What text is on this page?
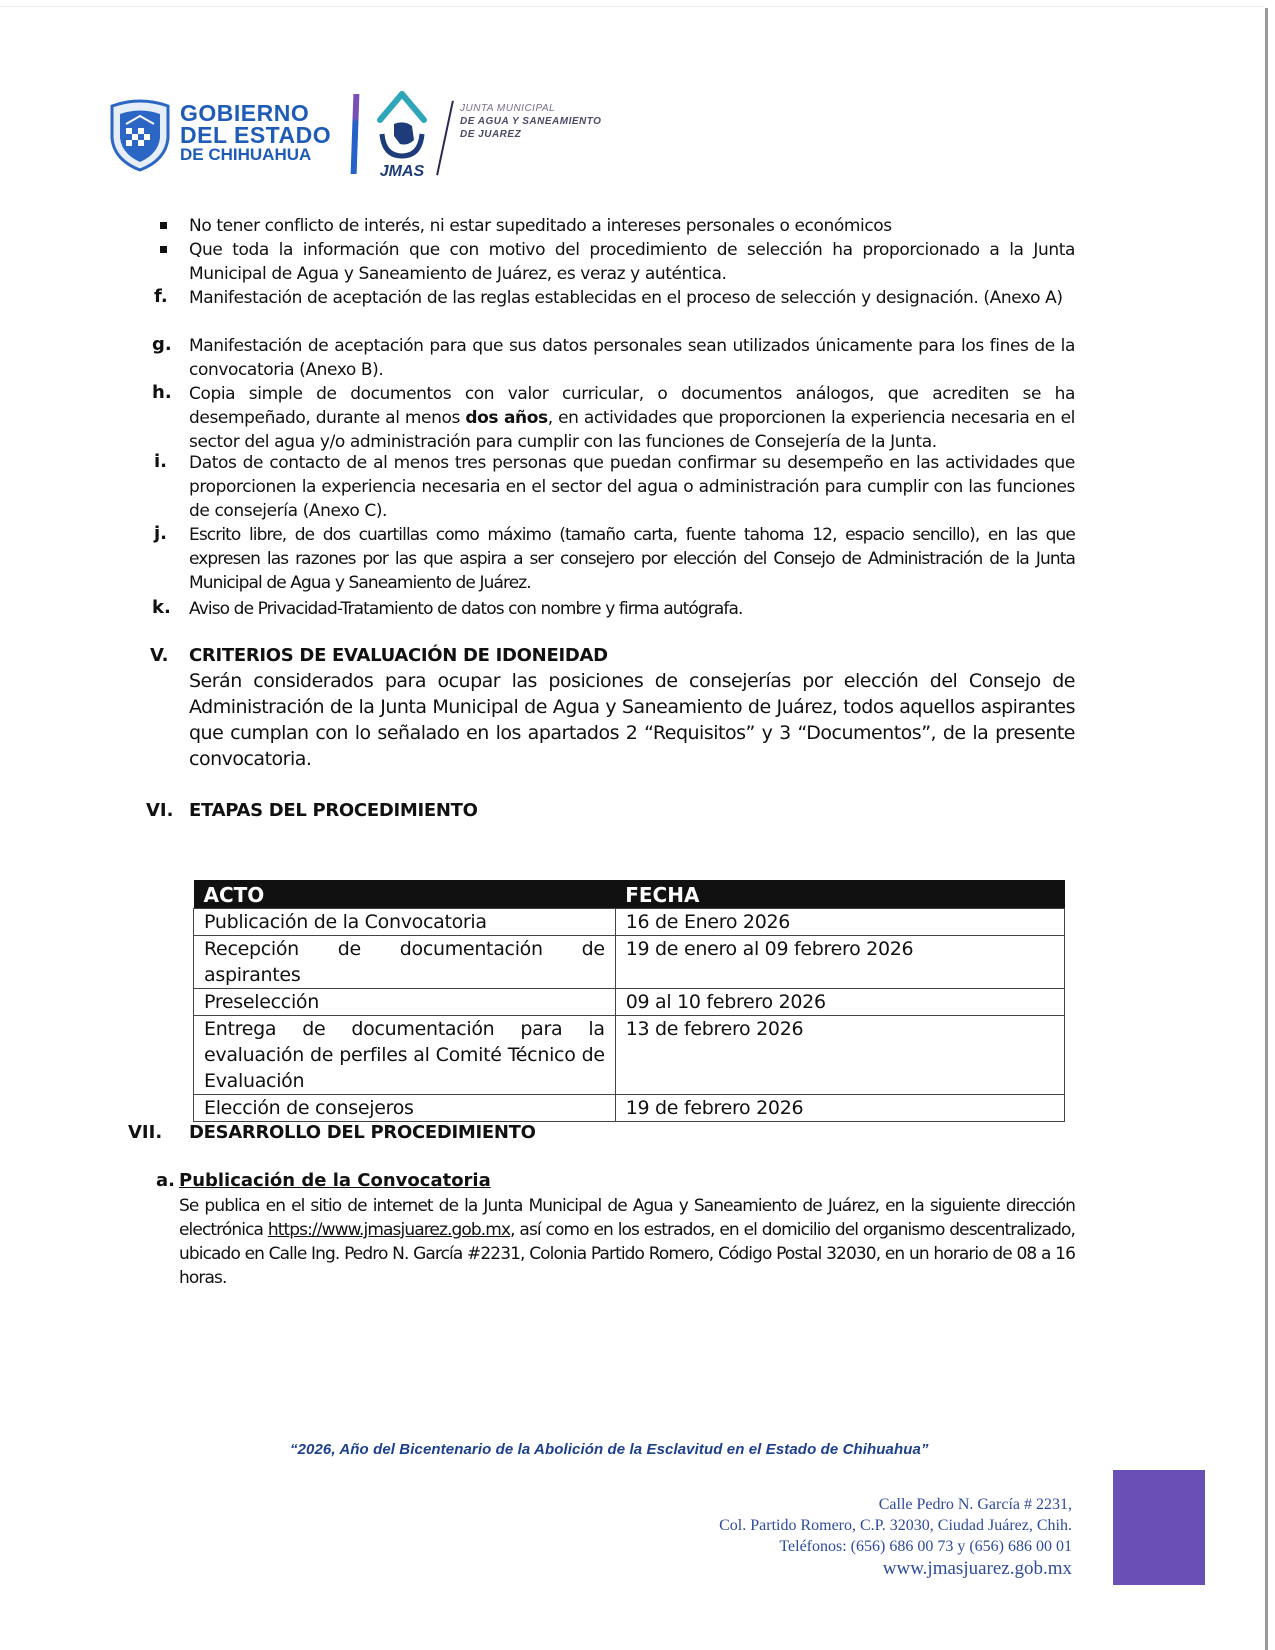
GOBIERNO
DEL ESTADO
DE CHIHUAHUA
JMAS
JUNTA MUNICIPAL
DE AGUA Y SANEAMIENTO
DE JUAREZ
No tener conflicto de interés, ni estar supeditado a intereses personales o económicos
Que toda la información que con motivo del procedimiento de selección ha proporcionado a la Junta Municipal de Agua y Saneamiento de Juárez, es veraz y auténtica.
f. Manifestación de aceptación de las reglas establecidas en el proceso de selección y designación. (Anexo A)
g. Manifestación de aceptación para que sus datos personales sean utilizados únicamente para los fines de la convocatoria (Anexo B).
h. Copia simple de documentos con valor curricular, o documentos análogos, que acrediten se ha desempeñado, durante al menos dos años, en actividades que proporcionen la experiencia necesaria en el sector del agua y/o administración para cumplir con las funciones de Consejería de la Junta.
i. Datos de contacto de al menos tres personas que puedan confirmar su desempeño en las actividades que proporcionen la experiencia necesaria en el sector del agua o administración para cumplir con las funciones de consejería (Anexo C).
j. Escrito libre, de dos cuartillas como máximo (tamaño carta, fuente tahoma 12, espacio sencillo), en las que expresen las razones por las que aspira a ser consejero por elección del Consejo de Administración de la Junta Municipal de Agua y Saneamiento de Juárez.
k. Aviso de Privacidad-Tratamiento de datos con nombre y firma autógrafa.
V. CRITERIOS DE EVALUACIÓN DE IDONEIDAD
Serán considerados para ocupar las posiciones de consejerías por elección del Consejo de Administración de la Junta Municipal de Agua y Saneamiento de Juárez, todos aquellos aspirantes que cumplan con lo señalado en los apartados 2 “Requisitos” y 3 “Documentos”, de la presente convocatoria.
VI. ETAPAS DEL PROCEDIMIENTO
ACTO	FECHA
Publicación de la Convocatoria	16 de Enero 2026
Recepción de documentación de aspirantes	19 de enero al 09 febrero 2026
Preselección	09 al 10 febrero 2026
Entrega de documentación para la evaluación de perfiles al Comité Técnico de Evaluación	13 de febrero 2026
Elección de consejeros	19 de febrero 2026
VII. DESARROLLO DEL PROCEDIMIENTO
a. Publicación de la Convocatoria
Se publica en el sitio de internet de la Junta Municipal de Agua y Saneamiento de Juárez, en la siguiente dirección electrónica https://www.jmasjuarez.gob.mx, así como en los estrados, en el domicilio del organismo descentralizado, ubicado en Calle Ing. Pedro N. García #2231, Colonia Partido Romero, Código Postal 32030, en un horario de 08 a 16 horas.
“2026, Año del Bicentenario de la Abolición de la Esclavitud en el Estado de Chihuahua”
Calle Pedro N. García # 2231,
Col. Partido Romero, C.P. 32030, Ciudad Juárez, Chih.
Teléfonos: (656) 686 00 73 y (656) 686 00 01
www.jmasjuarez.gob.mx
